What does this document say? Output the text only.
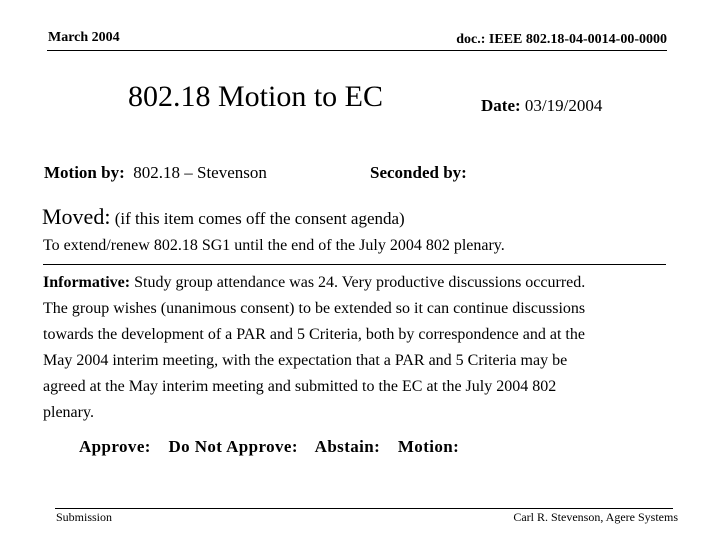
March 2004	doc.: IEEE 802.18-04-0014-00-0000
802.18 Motion to EC	Date: 03/19/2004
Motion by: 802.18 – Stevenson	Seconded by:
Moved: (if this item comes off the consent agenda)
To extend/renew 802.18 SG1 until the end of the July 2004 802 plenary.
Informative: Study group attendance was 24. Very productive discussions occurred.
The group wishes (unanimous consent) to be extended so it can continue discussions
towards the development of a PAR and 5 Criteria, both by correspondence and at the
May 2004 interim meeting, with the expectation that a PAR and 5 Criteria may be
agreed at the May interim meeting and submitted to the EC at the July 2004 802
plenary.
Approve: Do Not Approve: Abstain: Motion:
Submission	Carl R. Stevenson, Agere Systems
